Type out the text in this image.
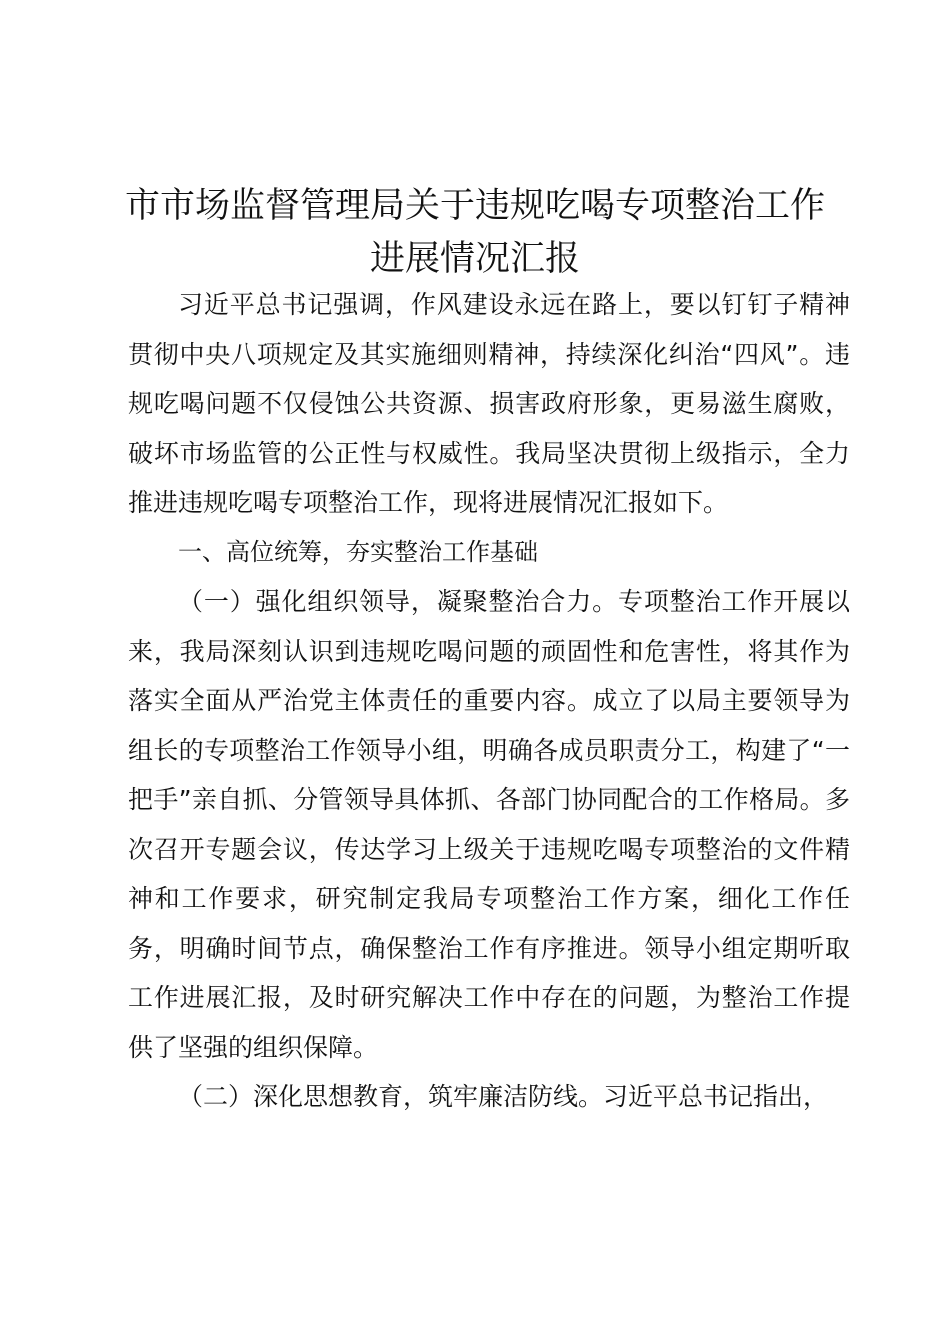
市市场监督管理局关于违规吃喝专项整治工作
进展情况汇报

习近平总书记强调，作风建设永远在路上，要以钉钉子精神贯彻中央八项规定及其实施细则精神，持续深化纠治“四风”。违规吃喝问题不仅侵蚀公共资源、损害政府形象，更易滋生腐败，破坏市场监管的公正性与权威性。我局坚决贯彻上级指示，全力推进违规吃喝专项整治工作，现将进展情况汇报如下。

一、高位统筹，夯实整治工作基础

（一）强化组织领导，凝聚整治合力。专项整治工作开展以来，我局深刻认识到违规吃喝问题的顽固性和危害性，将其作为落实全面从严治党主体责任的重要内容。成立了以局主要领导为组长的专项整治工作领导小组，明确各成员职责分工，构建了“一把手”亲自抓、分管领导具体抓、各部门协同配合的工作格局。多次召开专题会议，传达学习上级关于违规吃喝专项整治的文件精神和工作要求，研究制定我局专项整治工作方案，细化工作任务，明确时间节点，确保整治工作有序推进。领导小组定期听取工作进展汇报，及时研究解决工作中存在的问题，为整治工作提供了坚强的组织保障。

（二）深化思想教育，筑牢廉洁防线。习近平总书记指出，
